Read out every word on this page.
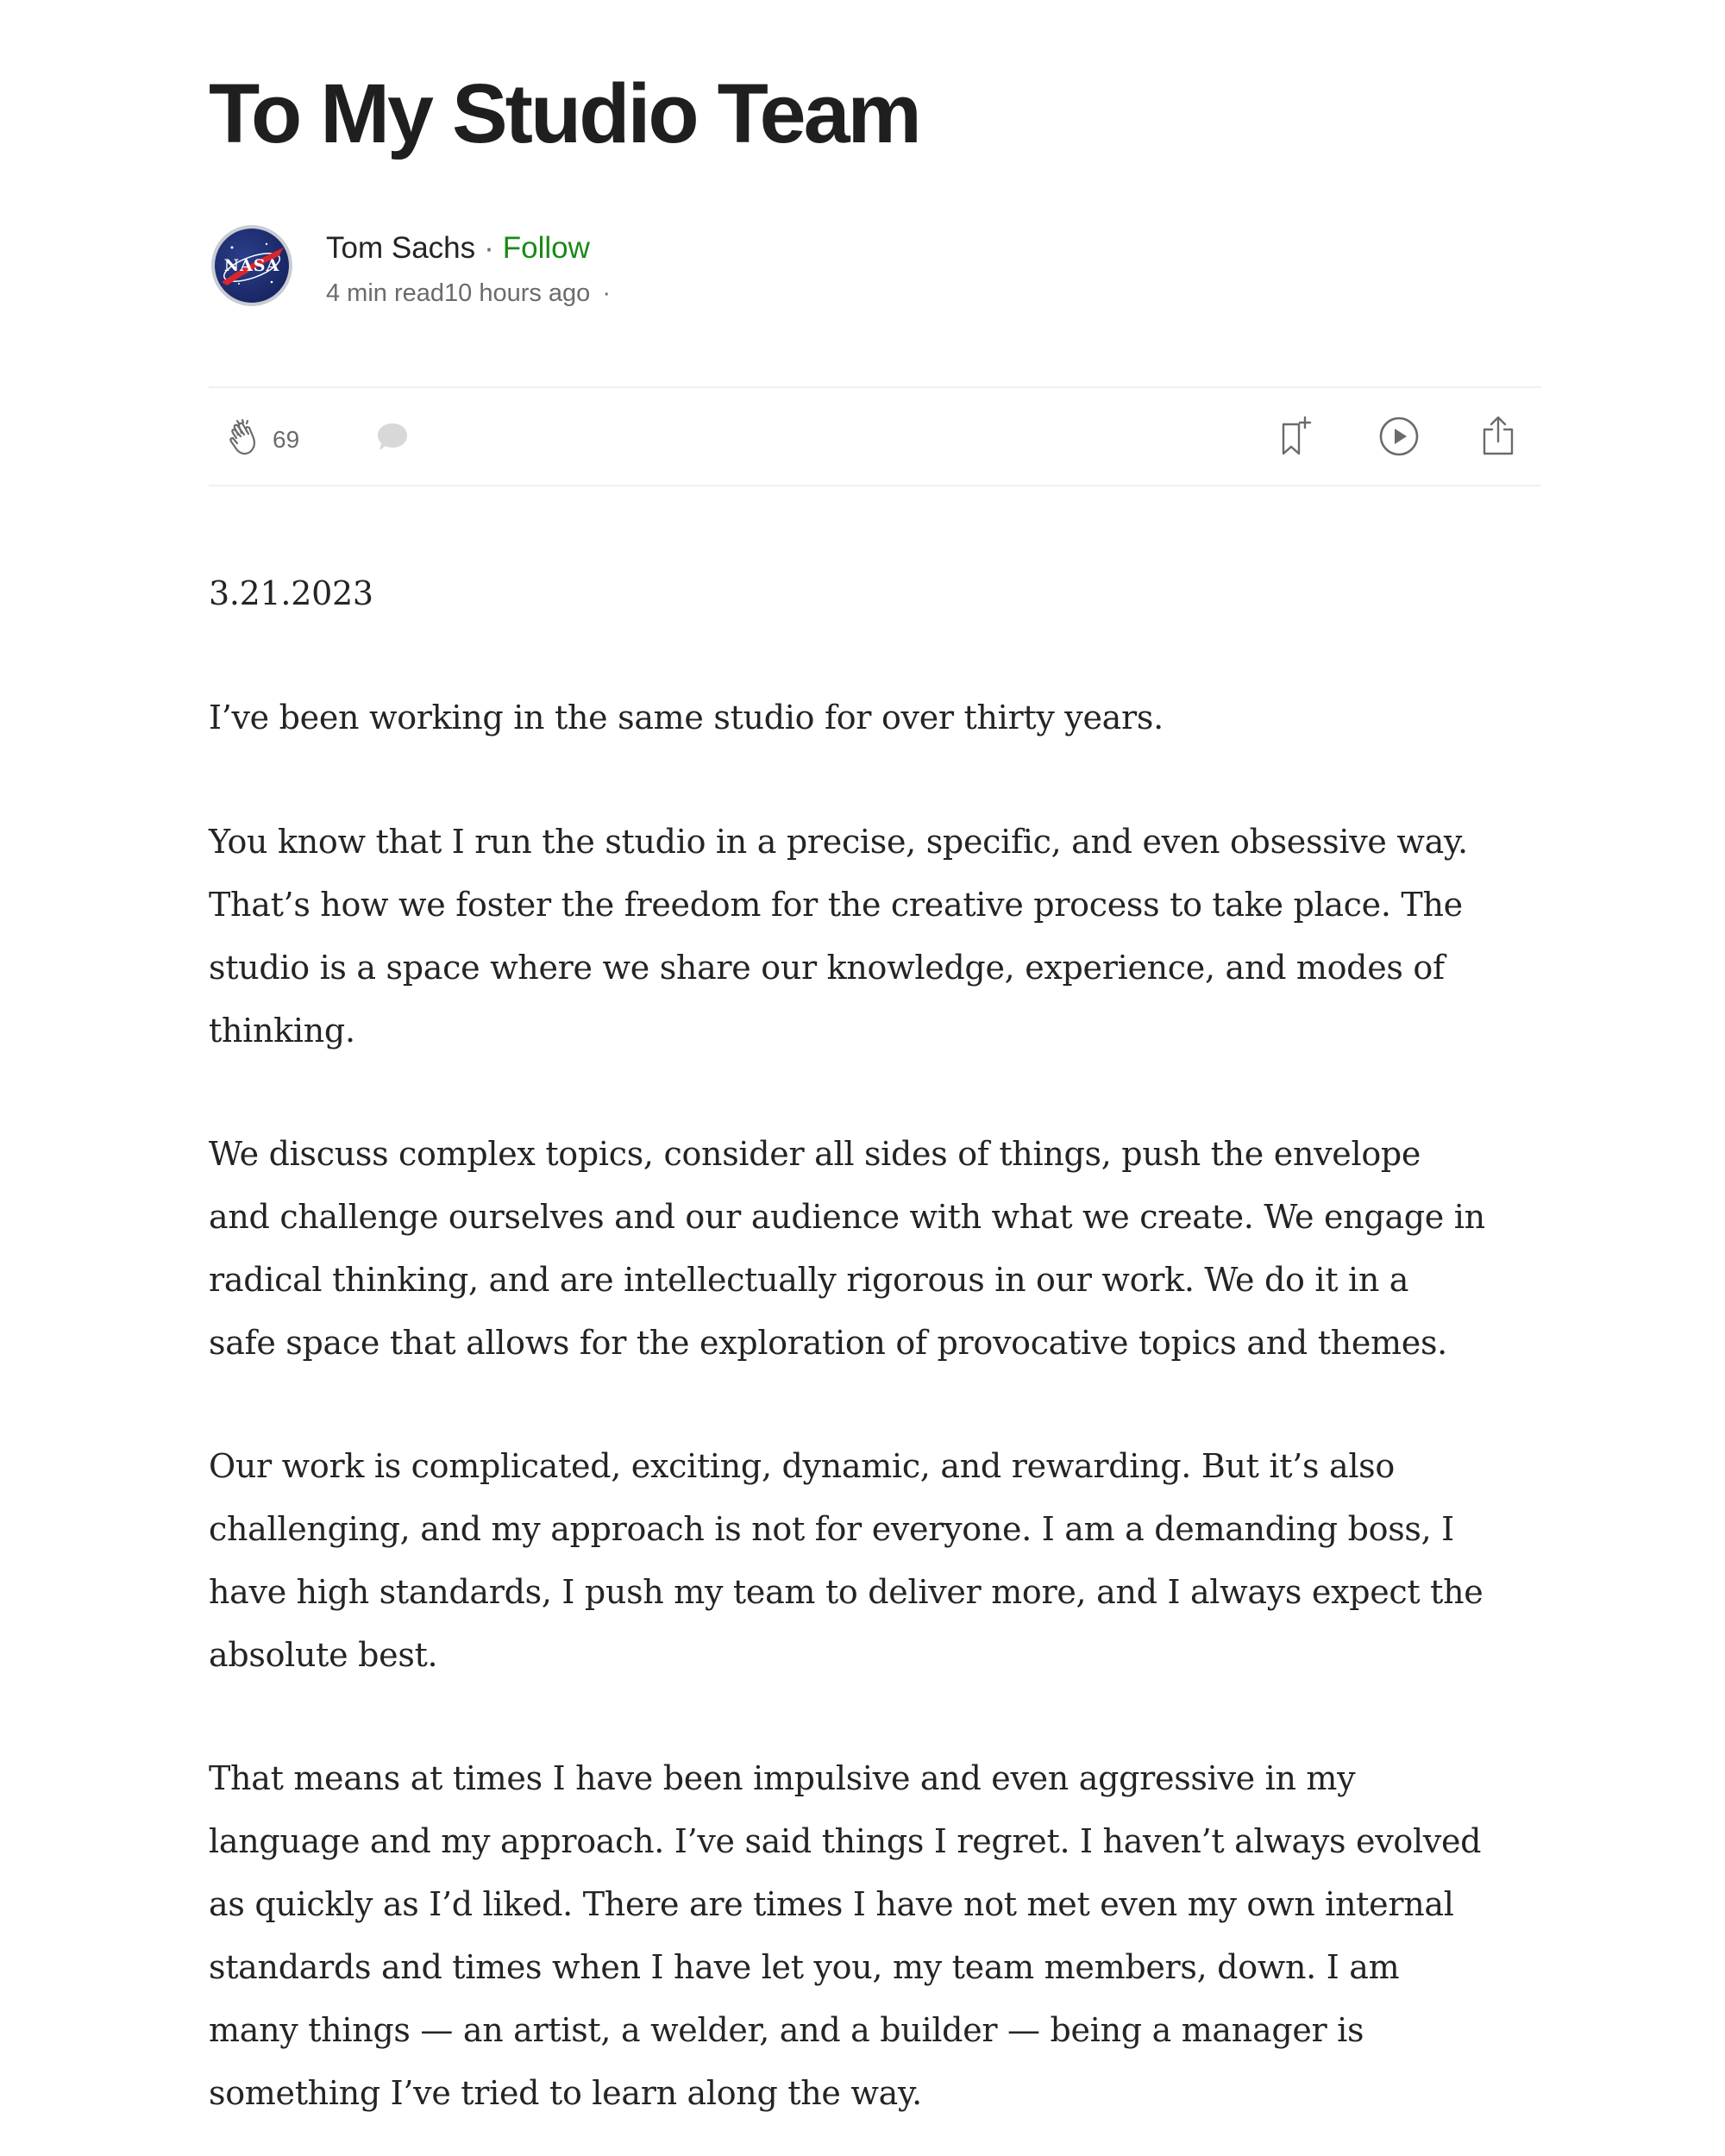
To My Studio Team
NASA
Tom Sachs · Follow
4 min read10 hours ago ·
69

3.21.2023

I’ve been working in the same studio for over thirty years.

You know that I run the studio in a precise, specific, and even obsessive way.
That’s how we foster the freedom for the creative process to take place. The
studio is a space where we share our knowledge, experience, and modes of
thinking.

We discuss complex topics, consider all sides of things, push the envelope
and challenge ourselves and our audience with what we create. We engage in
radical thinking, and are intellectually rigorous in our work. We do it in a
safe space that allows for the exploration of provocative topics and themes.

Our work is complicated, exciting, dynamic, and rewarding. But it’s also
challenging, and my approach is not for everyone. I am a demanding boss, I
have high standards, I push my team to deliver more, and I always expect the
absolute best.

That means at times I have been impulsive and even aggressive in my
language and my approach. I’ve said things I regret. I haven’t always evolved
as quickly as I’d liked. There are times I have not met even my own internal
standards and times when I have let you, my team members, down. I am
many things — an artist, a welder, and a builder — being a manager is
something I’ve tried to learn along the way.
